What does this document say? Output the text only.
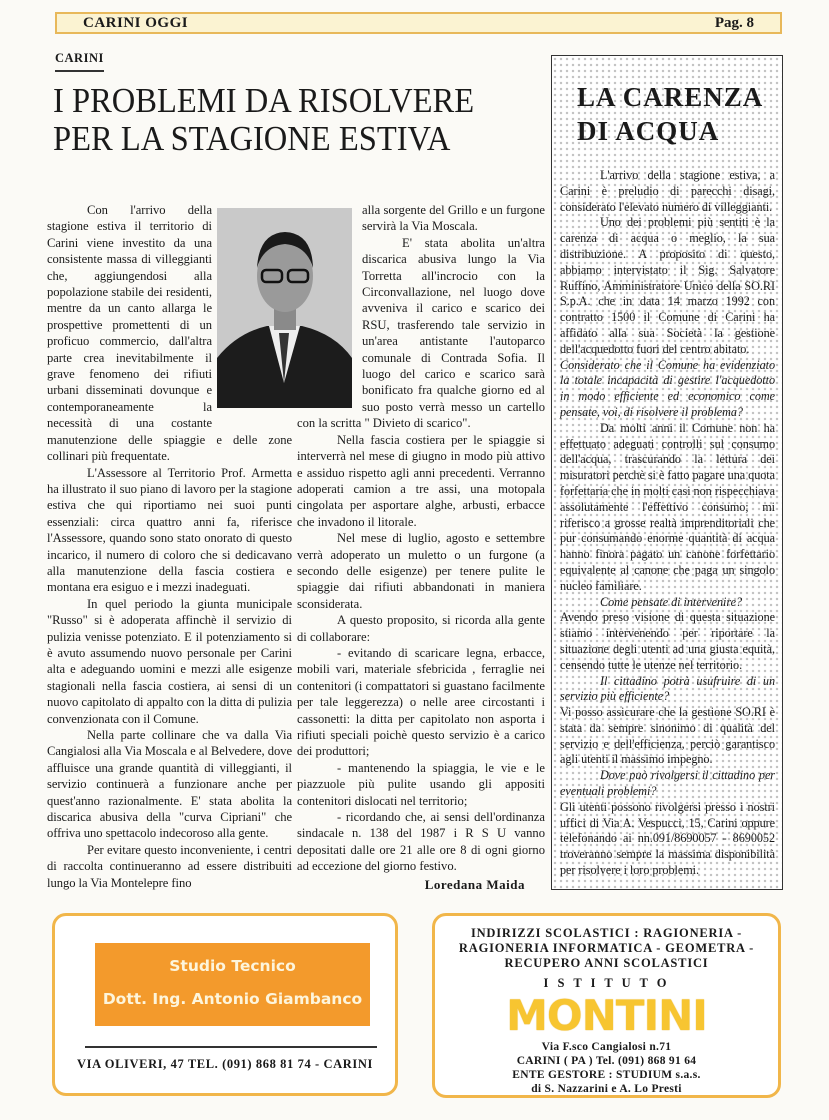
CARINI OGGI	Pag. 8
CARINI
I PROBLEMI DA RISOLVERE
PER LA STAGIONE ESTIVA

Con l'arrivo della stagione estiva il territorio di Carini viene investito da una consistente massa di villeggianti che, aggiungendosi alla popolazione stabile dei residenti, mentre da un canto allarga le prospettive promettenti di un proficuo commercio, dall'altra parte crea inevitabilmente il grave fenomeno dei rifiuti urbani disseminati dovunque e contemporaneamente la necessità di una costante manutenzione delle spiaggie e delle zone collinari più frequentate.

L'Assessore al Territorio Prof. Armetta ha illustrato il suo piano di lavoro per la stagione estiva che qui riportiamo nei suoi punti essenziali: circa quattro anni fa, riferisce l'Assessore, quando sono stato onorato di questo incarico, il numero di coloro che si dedicavano alla manutenzione della fascia costiera e montana era esiguo e i mezzi inadeguati.

In quel periodo la giunta municipale "Russo" si è adoperata affinchè il servizio di pulizia venisse potenziato. E il potenziamento si è avuto assumendo nuovo personale per Carini alta e adeguando uomini e mezzi alle esigenze stagionali nella fascia costiera, ai sensi di un nuovo capitolato di appalto con la ditta di pulizia convenzionata con il Comune.

Nella parte collinare che va dalla Via Cangialosi alla Via Moscala e al Belvedere, dove affluisce una grande quantità di villeggianti, il servizio continuerà a funzionare anche per quest'anno razionalmente. E' stata abolita la discarica abusiva della "curva Cipriani" che offriva uno spettacolo indecoroso alla gente.

Per evitare questo inconveniente, i centri di raccolta continueranno ad essere distribuiti lungo la Via Montelepre fino

alla sorgente del Grillo e un furgone servirà la Via Moscala.

E' stata abolita un'altra discarica abusiva lungo la Via Torretta all'incrocio con la Circonvallazione, nel luogo dove avveniva il carico e scarico dei RSU, trasferendo tale servizio in un'area antistante l'autoparco comunale di Contrada Sofia. Il luogo del carico e scarico sarà bonificato fra qualche giorno ed al suo posto verrà messo un cartello con la scritta " Divieto di scarico".

Nella fascia costiera per le spiaggie si interverrà nel mese di giugno in modo più attivo e assiduo rispetto agli anni precedenti. Verranno adoperati camion a tre assi, una motopala cingolata per asportare alghe, arbusti, erbacce che invadono il litorale.

Nel mese di luglio, agosto e settembre verrà adoperato un muletto o un furgone (a secondo delle esigenze) per tenere pulite le spiaggie dai rifiuti abbandonati in maniera sconsiderata.

A questo proposito, si ricorda alla gente di collaborare:

- evitando di scaricare legna, erbacce, mobili vari, materiale sfebricida , ferraglie nei contenitori (i compattatori si guastano facilmente per tale leggerezza) o nelle aree circostanti i cassonetti: la ditta per capitolato non asporta i rifiuti speciali poichè questo servizio è a carico dei produttori;

- mantenendo la spiaggia, le vie e le piazzuole più pulite usando gli appositi contenitori dislocati nel territorio;

- ricordando che, ai sensi dell'ordinanza sindacale n. 138 del 1987 i R S U vanno depositati dalle ore 21 alle ore 8 di ogni giorno ad eccezione del giorno festivo.

Loredana Maida
LA CARENZA
DI ACQUA

L'arrivo della stagione estiva, a Carini è preludio di parecchi disagi, considerato l'elevato numero di villeggianti.

Uno dei problemi più sentiti è la carenza di acqua o meglio, la sua distribuzione. A proposito di questo, abbiamo intervistato il Sig. Salvatore Ruffino, Amministratore Unico della SO.RI S.p.A. che in data 14 marzo 1992 con contratto 1500 il Comune di Carini ha affidato alla sua Società la gestione dell'acquedotto fuori del centro abitato.

Considerato che il Comune ha evidenziato la totale incapacità di gestire l'acquedotto in modo efficiente ed economico come pensate, voi, di risolvere il problema?

Da molti anni il Comune non ha effettuato adeguati controlli sul consumo dell'acqua, trascurando la lettura dei misuratori perchè si è fatto pagare una quota forfettaria che in molti casi non rispecchiava assolutamente l'effettivo consumo; mi riferisco a grosse realtà imprenditoriali che pur consumando enorme quantità di acqua hanno finora pagato un canone forfettario equivalente al canone che paga un singolo nucleo familiare.

Come pensate di intervenire?

Avendo preso visione di questa situazione stiamo intervenendo per riportare la situazione degli utenti ad una giusta equità, censendo tutte le utenze nel territorio.

Il cittadino potrà usufruire di un servizio più efficiente?

Vi posso assicurare che la gestione SO.RI è stata da sempre sinonimo di qualità del servizio e dell'efficienza, perciò garantisco agli utenti il massimo impegno.

Dove può rivolgersi il cittadino per eventuali problemi?

Gli utenti possono rivolgersi presso i nostri uffici di Via A. Vespucci, 15, Carini oppure telefonando ai nn.091/8690057 - 8690052 troveranno sempre la massima disponibilità per risolvere i loro problemi.

Studio Tecnico
Dott. Ing. Antonio Giambanco
VIA OLIVERI, 47 TEL. (091) 868 81 74 - CARINI
INDIRIZZI SCOLASTICI : RAGIONERIA -
RAGIONERIA INFORMATICA - GEOMETRA -
RECUPERO ANNI SCOLASTICI
I S T I T U T O
MONTINI
Via F.sco Cangialosi n.71
CARINI ( PA ) Tel. (091) 868 91 64
ENTE GESTORE : STUDIUM s.a.s.
di S. Nazzarini e A. Lo Presti
